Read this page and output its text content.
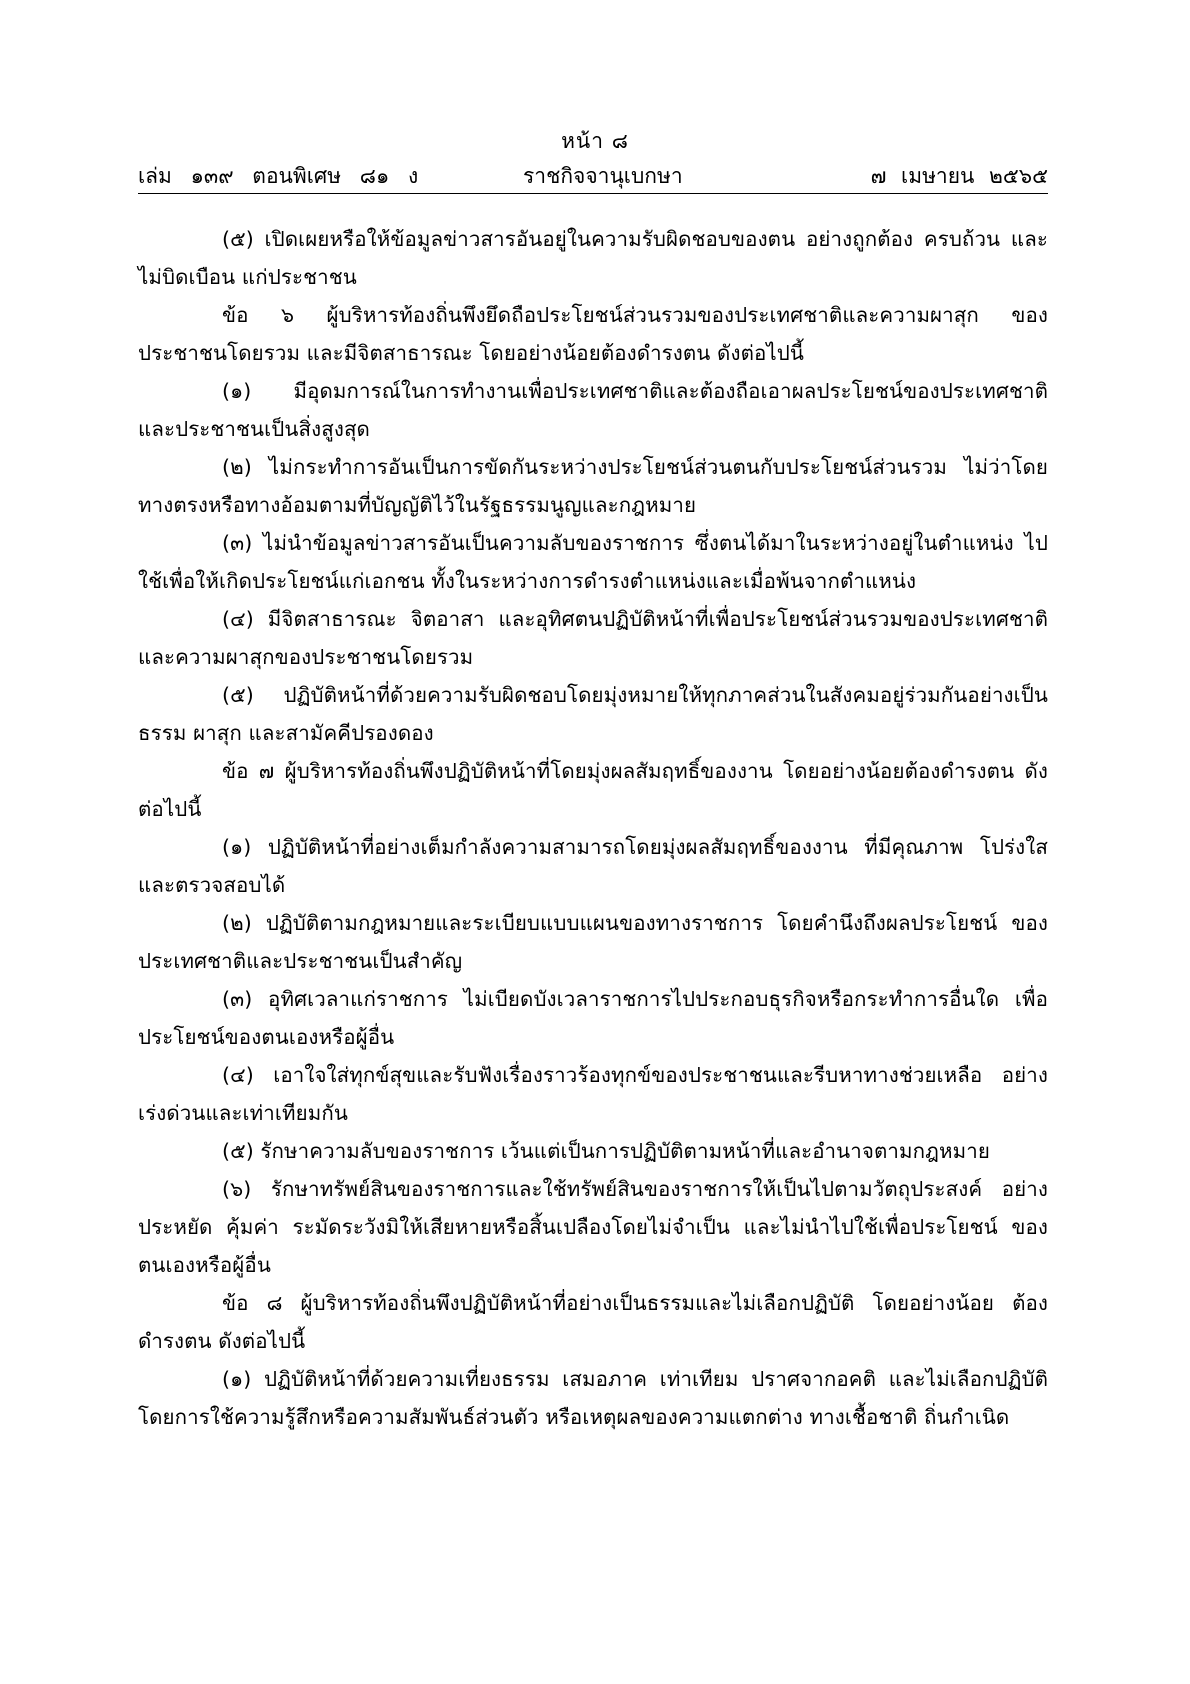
หน้า ๘
เล่ม ๑๓๙ ตอนพิเศษ ๘๑ ง	ราชกิจจานุเบกษา	๗ เมษายน ๒๕๖๕

(๕) เปิดเผยหรือให้ข้อมูลข่าวสารอันอยู่ในความรับผิดชอบของตน อย่างถูกต้อง ครบถ้วน และไม่บิดเบือน แก่ประชาชน

ข้อ ๖ ผู้บริหารท้องถิ่นพึงยึดถือประโยชน์ส่วนรวมของประเทศชาติและความผาสุก ของประชาชนโดยรวม และมีจิตสาธารณะ โดยอย่างน้อยต้องดำรงตน ดังต่อไปนี้

(๑) มีอุดมการณ์ในการทำงานเพื่อประเทศชาติและต้องถือเอาผลประโยชน์ของประเทศชาติ และประชาชนเป็นสิ่งสูงสุด

(๒) ไม่กระทำการอันเป็นการขัดกันระหว่างประโยชน์ส่วนตนกับประโยชน์ส่วนรวม ไม่ว่าโดยทางตรงหรือทางอ้อมตามที่บัญญัติไว้ในรัฐธรรมนูญและกฎหมาย

(๓) ไม่นำข้อมูลข่าวสารอันเป็นความลับของราชการ ซึ่งตนได้มาในระหว่างอยู่ในตำแหน่ง ไปใช้เพื่อให้เกิดประโยชน์แก่เอกชน ทั้งในระหว่างการดำรงตำแหน่งและเมื่อพ้นจากตำแหน่ง

(๔) มีจิตสาธารณะ จิตอาสา และอุทิศตนปฏิบัติหน้าที่เพื่อประโยชน์ส่วนรวมของประเทศชาติ และความผาสุกของประชาชนโดยรวม

(๕) ปฏิบัติหน้าที่ด้วยความรับผิดชอบโดยมุ่งหมายให้ทุกภาคส่วนในสังคมอยู่ร่วมกันอย่างเป็นธรรม ผาสุก และสามัคคีปรองดอง

ข้อ ๗ ผู้บริหารท้องถิ่นพึงปฏิบัติหน้าที่โดยมุ่งผลสัมฤทธิ์ของงาน โดยอย่างน้อยต้องดำรงตน ดังต่อไปนี้

(๑) ปฏิบัติหน้าที่อย่างเต็มกำลังความสามารถโดยมุ่งผลสัมฤทธิ์ของงาน ที่มีคุณภาพ โปร่งใส และตรวจสอบได้

(๒) ปฏิบัติตามกฎหมายและระเบียบแบบแผนของทางราชการ โดยคำนึงถึงผลประโยชน์ ของประเทศชาติและประชาชนเป็นสำคัญ

(๓) อุทิศเวลาแก่ราชการ ไม่เบียดบังเวลาราชการไปประกอบธุรกิจหรือกระทำการอื่นใด เพื่อประโยชน์ของตนเองหรือผู้อื่น

(๔) เอาใจใส่ทุกข์สุขและรับฟังเรื่องราวร้องทุกข์ของประชาชนและรีบหาทางช่วยเหลือ อย่างเร่งด่วนและเท่าเทียมกัน

(๕) รักษาความลับของราชการ เว้นแต่เป็นการปฏิบัติตามหน้าที่และอำนาจตามกฎหมาย

(๖) รักษาทรัพย์สินของราชการและใช้ทรัพย์สินของราชการให้เป็นไปตามวัตถุประสงค์ อย่างประหยัด คุ้มค่า ระมัดระวังมิให้เสียหายหรือสิ้นเปลืองโดยไม่จำเป็น และไม่นำไปใช้เพื่อประโยชน์ ของตนเองหรือผู้อื่น

ข้อ ๘ ผู้บริหารท้องถิ่นพึงปฏิบัติหน้าที่อย่างเป็นธรรมและไม่เลือกปฏิบัติ โดยอย่างน้อย ต้องดำรงตน ดังต่อไปนี้

(๑) ปฏิบัติหน้าที่ด้วยความเที่ยงธรรม เสมอภาค เท่าเทียม ปราศจากอคติ และไม่เลือกปฏิบัติ โดยการใช้ความรู้สึกหรือความสัมพันธ์ส่วนตัว หรือเหตุผลของความแตกต่าง ทางเชื้อชาติ ถิ่นกำเนิด
